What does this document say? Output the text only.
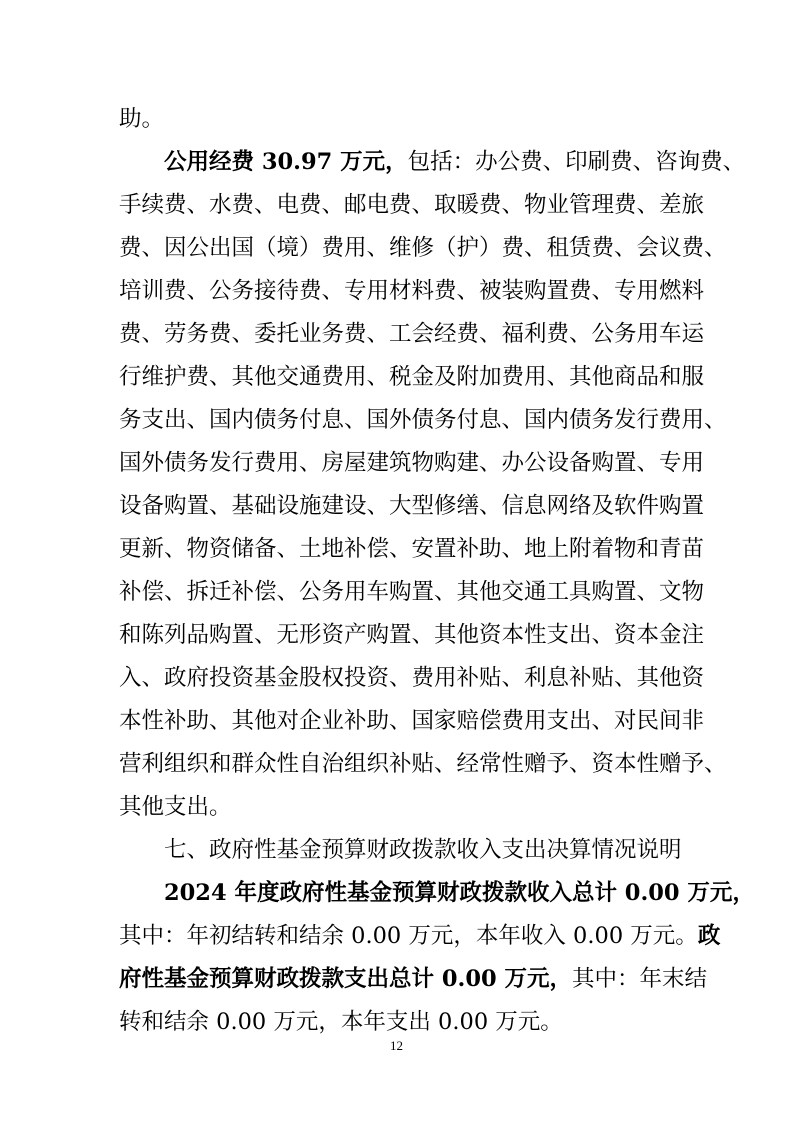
助。
公用经费 30.97 万元，包括：办公费、印刷费、咨询费、
手续费、水费、电费、邮电费、取暖费、物业管理费、差旅
费、因公出国（境）费用、维修（护）费、租赁费、会议费、
培训费、公务接待费、专用材料费、被装购置费、专用燃料
费、劳务费、委托业务费、工会经费、福利费、公务用车运
行维护费、其他交通费用、税金及附加费用、其他商品和服
务支出、国内债务付息、国外债务付息、国内债务发行费用、
国外债务发行费用、房屋建筑物购建、办公设备购置、专用
设备购置、基础设施建设、大型修缮、信息网络及软件购置
更新、物资储备、土地补偿、安置补助、地上附着物和青苗
补偿、拆迁补偿、公务用车购置、其他交通工具购置、文物
和陈列品购置、无形资产购置、其他资本性支出、资本金注
入、政府投资基金股权投资、费用补贴、利息补贴、其他资
本性补助、其他对企业补助、国家赔偿费用支出、对民间非
营利组织和群众性自治组织补贴、经常性赠予、资本性赠予、
其他支出。
七、政府性基金预算财政拨款收入支出决算情况说明
2024 年度政府性基金预算财政拨款收入总计 0.00 万元，
其中：年初结转和结余 0.00 万元，本年收入 0.00 万元。政
府性基金预算财政拨款支出总计 0.00 万元，其中：年末结
转和结余 0.00 万元，本年支出 0.00 万元。
12
